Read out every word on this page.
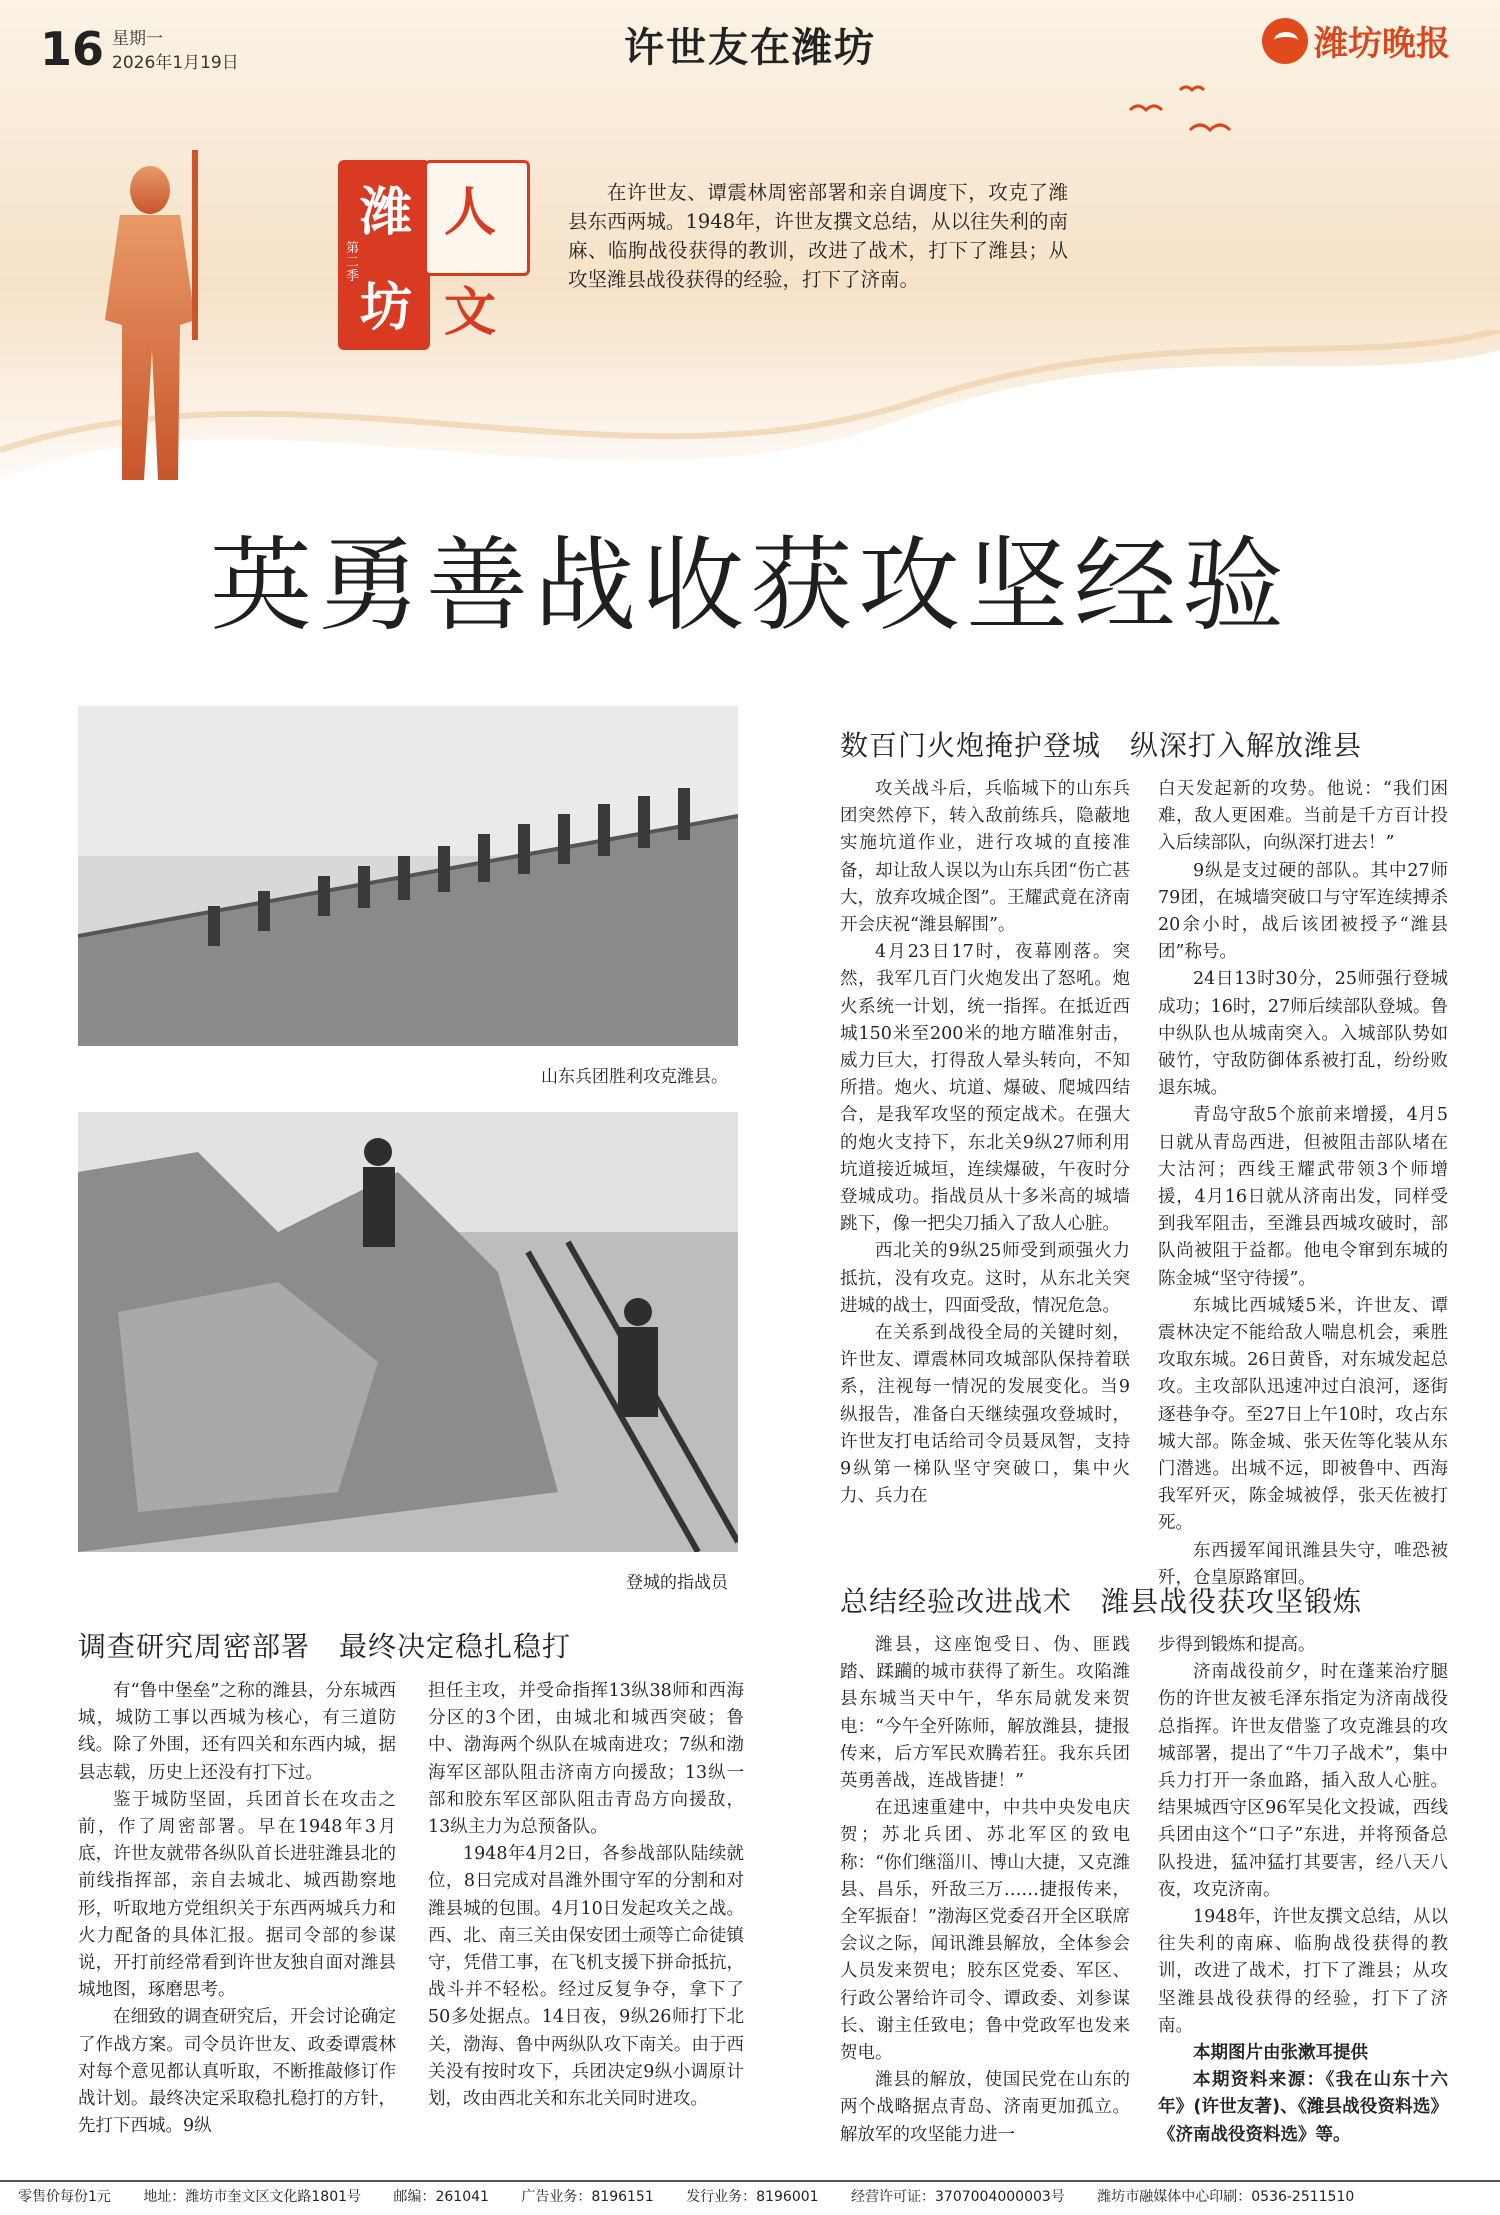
16 星期一
2026年1月19日	许世友在潍坊	潍坊晚报
潍 人
坊 文
第二季
在许世友、谭震林周密部署和亲自调度下，攻克了潍县东西两城。1948年，许世友撰文总结，从以往失利的南麻、临朐战役获得的教训，改进了战术，打下了潍县；从攻坚潍县战役获得的经验，打下了济南。
英勇善战收获攻坚经验
山东兵团胜利攻克潍县。
登城的指战员
调查研究周密部署　最终决定稳扎稳打

有“鲁中堡垒”之称的潍县，分东城西城，城防工事以西城为核心，有三道防线。除了外围，还有四关和东西内城，据县志载，历史上还没有打下过。

鉴于城防坚固，兵团首长在攻击之前，作了周密部署。早在1948年3月底，许世友就带各纵队首长进驻潍县北的前线指挥部，亲自去城北、城西勘察地形，听取地方党组织关于东西两城兵力和火力配备的具体汇报。据司令部的参谋说，开打前经常看到许世友独自面对潍县城地图，琢磨思考。

在细致的调查研究后，开会讨论确定了作战方案。司令员许世友、政委谭震林对每个意见都认真听取，不断推敲修订作战计划。最终决定采取稳扎稳打的方针，先打下西城。9纵

担任主攻，并受命指挥13纵38师和西海分区的3个团，由城北和城西突破；鲁中、渤海两个纵队在城南进攻；7纵和渤海军区部队阻击济南方向援敌；13纵一部和胶东军区部队阻击青岛方向援敌，13纵主力为总预备队。

1948年4月2日，各参战部队陆续就位，8日完成对昌潍外围守军的分割和对潍县城的包围。4月10日发起攻关之战。西、北、南三关由保安团土顽等亡命徒镇守，凭借工事，在飞机支援下拼命抵抗，战斗并不轻松。经过反复争夺，拿下了50多处据点。14日夜，9纵26师打下北关，渤海、鲁中两纵队攻下南关。由于西关没有按时攻下，兵团决定9纵小调原计划，改由西北关和东北关同时进攻。

数百门火炮掩护登城　纵深打入解放潍县

攻关战斗后，兵临城下的山东兵团突然停下，转入敌前练兵，隐蔽地实施坑道作业，进行攻城的直接准备，却让敌人误以为山东兵团“伤亡甚大，放弃攻城企图”。王耀武竟在济南开会庆祝“潍县解围”。

4月23日17时，夜幕刚落。突然，我军几百门火炮发出了怒吼。炮火系统一计划，统一指挥。在抵近西城150米至200米的地方瞄准射击，威力巨大，打得敌人晕头转向，不知所措。炮火、坑道、爆破、爬城四结合，是我军攻坚的预定战术。在强大的炮火支持下，东北关9纵27师利用坑道接近城垣，连续爆破，午夜时分登城成功。指战员从十多米高的城墙跳下，像一把尖刀插入了敌人心脏。

西北关的9纵25师受到顽强火力抵抗，没有攻克。这时，从东北关突进城的战士，四面受敌，情况危急。

在关系到战役全局的关键时刻，许世友、谭震林同攻城部队保持着联系，注视每一情况的发展变化。当9纵报告，准备白天继续强攻登城时，许世友打电话给司令员聂凤智，支持9纵第一梯队坚守突破口，集中火力、兵力在

白天发起新的攻势。他说：“我们困难，敌人更困难。当前是千方百计投入后续部队，向纵深打进去！”

9纵是支过硬的部队。其中27师79团，在城墙突破口与守军连续搏杀20余小时，战后该团被授予“潍县团”称号。

24日13时30分，25师强行登城成功；16时，27师后续部队登城。鲁中纵队也从城南突入。入城部队势如破竹，守敌防御体系被打乱，纷纷败退东城。

青岛守敌5个旅前来增援，4月5日就从青岛西进，但被阻击部队堵在大沽河；西线王耀武带领3个师增援，4月16日就从济南出发，同样受到我军阻击，至潍县西城攻破时，部队尚被阻于益都。他电令窜到东城的陈金城“坚守待援”。

东城比西城矮5米，许世友、谭震林决定不能给敌人喘息机会，乘胜攻取东城。26日黄昏，对东城发起总攻。主攻部队迅速冲过白浪河，逐街逐巷争夺。至27日上午10时，攻占东城大部。陈金城、张天佐等化装从东门潜逃。出城不远，即被鲁中、西海我军歼灭，陈金城被俘，张天佐被打死。

东西援军闻讯潍县失守，唯恐被歼，仓皇原路窜回。

总结经验改进战术　潍县战役获攻坚锻炼

潍县，这座饱受日、伪、匪践踏、蹂躏的城市获得了新生。攻陷潍县东城当天中午，华东局就发来贺电：“今午全歼陈师，解放潍县，捷报传来，后方军民欢腾若狂。我东兵团英勇善战，连战皆捷！”

在迅速重建中，中共中央发电庆贺；苏北兵团、苏北军区的致电称：“你们继淄川、博山大捷，又克潍县、昌乐，歼敌三万……捷报传来，全军振奋！”渤海区党委召开全区联席会议之际，闻讯潍县解放，全体参会人员发来贺电；胶东区党委、军区、行政公署给许司令、谭政委、刘参谋长、谢主任致电；鲁中党政军也发来贺电。

潍县的解放，使国民党在山东的两个战略据点青岛、济南更加孤立。解放军的攻坚能力进一

步得到锻炼和提高。

济南战役前夕，时在蓬莱治疗腿伤的许世友被毛泽东指定为济南战役总指挥。许世友借鉴了攻克潍县的攻城部署，提出了“牛刀子战术”，集中兵力打开一条血路，插入敌人心脏。结果城西守区96军吴化文投诚，西线兵团由这个“口子”东进，并将预备总队投进，猛冲猛打其要害，经八天八夜，攻克济南。

1948年，许世友撰文总结，从以往失利的南麻、临朐战役获得的教训，改进了战术，打下了潍县；从攻坚潍县战役获得的经验，打下了济南。

本期图片由张漱耳提供

本期资料来源：《我在山东十六年》(许世友著)、《潍县战役资料选》《济南战役资料选》等。

零售价每份1元 地址：潍坊市奎文区文化路1801号 邮编：261041 广告业务：8196151 发行业务：8196001 经营许可证：3707004000003号 潍坊市融媒体中心印刷：0536-2511510
